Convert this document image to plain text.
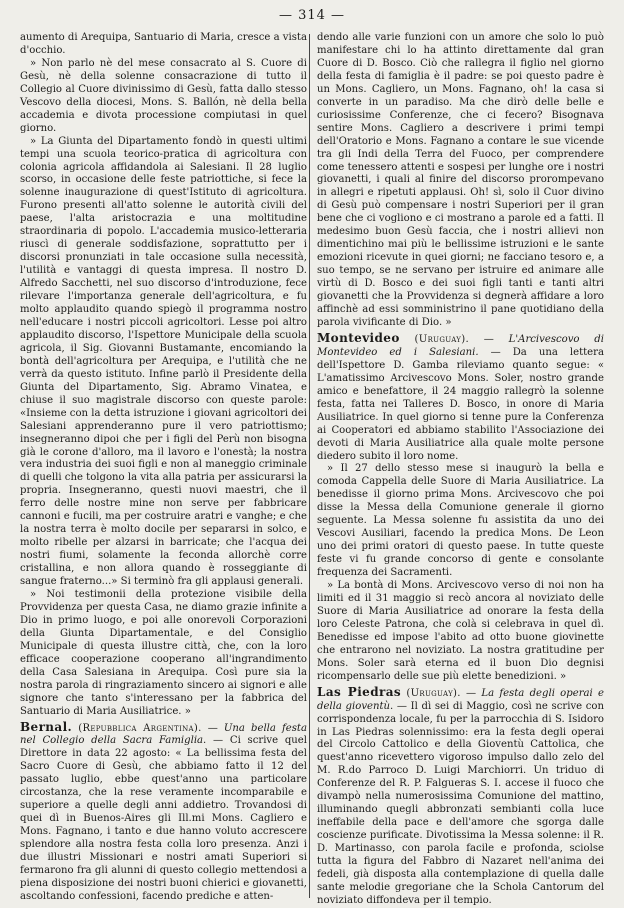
— 314 —

aumento di Arequipa, Santuario di Maria, cresce a vista d'occhio.

» Non parlo nè del mese consacrato al S. Cuore di Gesù, nè della solenne consacrazione di tutto il Collegio al Cuore divinissimo di Gesù, fatta dallo stesso Vescovo della diocesi, Mons. S. Ballón, nè della bella accademia e divota processione compiutasi in quel giorno.

» La Giunta del Dipartamento fondò in questi ultimi tempi una scuola teorico-pratica di agricoltura con colonia agricola affidandola ai Salesiani. Il 28 luglio scorso, in occasione delle feste patriottiche, si fece la solenne inaugurazione di quest'Istituto di agricoltura. Furono presenti all'atto solenne le autorità civili del paese, l'alta aristocrazia e una moltitudine straordinaria di popolo. L'accademia musico-letteraria riuscì di generale soddisfazione, soprattutto per i discorsi pronunziati in tale occasione sulla necessità, l'utilità e vantaggi di questa impresa. Il nostro D. Alfredo Sacchetti, nel suo discorso d'introduzione, fece rilevare l'importanza generale dell'agricoltura, e fu molto applaudito quando spiegò il programma nostro nell'educare i nostri piccoli agricoltori. Lesse poi altro applaudito discorso, l'Ispettore Municipale della scuola agricola, il Sig. Giovanni Bustamante, encomiando la bontà dell'agricoltura per Arequipa, e l'utilità che ne verrà da questo istituto. Infine parlò il Presidente della Giunta del Dipartamento, Sig. Abramo Vinatea, e chiuse il suo magistrale discorso con queste parole: «Insieme con la detta istruzione i giovani agricoltori dei Salesiani apprenderanno pure il vero patriottismo; insegneranno dipoi che per i figli del Perù non bisogna già le corone d'alloro, ma il lavoro e l'onestà; la nostra vera industria dei suoi figli e non al maneggio criminale di quelli che tolgono la vita alla patria per assicurarsi la propria. Insegneranno, questi nuovi maestri, che il ferro delle nostre mine non serve per fabbricare cannoni e fucili, ma per costruire aratri e vanghe; e che la nostra terra è molto docile per separarsi in solco, e molto ribelle per alzarsi in barricate; che l'acqua dei nostri fiumi, solamente la feconda allorchè corre cristallina, e non allora quando è rosseggiante di sangue fraterno...» Si terminò fra gli applausi generali.

» Noi testimonii della protezione visibile della Provvidenza per questa Casa, ne diamo grazie infinite a Dio in primo luogo, e poi alle onorevoli Corporazioni della Giunta Dipartamentale, e del Consiglio Municipale di questa illustre città, che, con la loro efficace cooperazione cooperano all'ingrandimento della Casa Salesiana in Arequipa. Così pure sia la nostra parola di ringraziamento sincero ai signori e alle signore che tanto s'interessano per la fabbrica del Santuario di Maria Ausiliatrice. »

Bernal. (Repubblica Argentina). — Una bella festa nel Collegio della Sacra Famiglia. — Ci scrive quel Direttore in data 22 agosto: « La bellissima festa del Sacro Cuore di Gesù, che abbiamo fatto il 12 del passato luglio, ebbe quest'anno una particolare circostanza, che la rese veramente incomparabile e superiore a quelle degli anni addietro. Trovandosi di quei dì in Buenos-Aires gli Ill.mi Mons. Cagliero e Mons. Fagnano, i tanto e due hanno voluto accrescere splendore alla nostra festa colla loro presenza. Anzi i due illustri Missionari e nostri amati Superiori si fermarono fra gli alunni di questo collegio mettendosi a piena disposizione dei nostri buoni chierici e giovanetti, ascoltando confessioni, facendo prediche e atten-

dendo alle varie funzioni con un amore che solo lo può manifestare chi lo ha attinto direttamente dal gran Cuore di D. Bosco. Ciò che rallegra il figlio nel giorno della festa di famiglia è il padre: se poi questo padre è un Mons. Cagliero, un Mons. Fagnano, oh! la casa si converte in un paradiso. Ma che dirò delle belle e curiosissime Conferenze, che ci fecero? Bisognava sentire Mons. Cagliero a descrivere i primi tempi dell'Oratorio e Mons. Fagnano a contare le sue vicende tra gli Indi della Terra del Fuoco, per comprendere come tenessero attenti e sospesi per lunghe ore i nostri giovanetti, i quali al finire del discorso prorompevano in allegri e ripetuti applausi. Oh! sì, solo il Cuor divino di Gesù può compensare i nostri Superiori per il gran bene che ci vogliono e ci mostrano a parole ed a fatti. Il medesimo buon Gesù faccia, che i nostri allievi non dimentichino mai più le bellissime istruzioni e le sante emozioni ricevute in quei giorni; ne facciano tesoro e, a suo tempo, se ne servano per istruire ed animare alle virtù di D. Bosco e dei suoi figli tanti e tanti altri giovanetti che la Provvidenza si degnerà affidare a loro affinchè ad essi somministrino il pane quotidiano della parola vivificante di Dio. »

Montevideo (Uruguay). — L'Arcivescovo di Montevideo ed i Salesiani. — Da una lettera dell'Ispettore D. Gamba rileviamo quanto segue: « L'amatissimo Arcivescovo Mons. Soler, nostro grande amico e benefattore, il 24 maggio rallegrò la solenne festa, fatta nei Talleres D. Bosco, in onore di Maria Ausiliatrice. In quel giorno si tenne pure la Conferenza ai Cooperatori ed abbiamo stabilito l'Associazione dei devoti di Maria Ausiliatrice alla quale molte persone diedero subito il loro nome.

» Il 27 dello stesso mese si inaugurò la bella e comoda Cappella delle Suore di Maria Ausiliatrice. La benedisse il giorno prima Mons. Arcivescovo che poi disse la Messa della Comunione generale il giorno seguente. La Messa solenne fu assistita da uno dei Vescovi Ausiliari, facendo la predica Mons. De Leon uno dei primi oratori di questo paese. In tutte queste feste vi fu grande concorso di gente e consolante frequenza dei Sacramenti.

» La bontà di Mons. Arcivescovo verso di noi non ha limiti ed il 31 maggio si recò ancora al noviziato delle Suore di Maria Ausiliatrice ad onorare la festa della loro Celeste Patrona, che colà si celebrava in quel dì. Benedisse ed impose l'abito ad otto buone giovinette che entrarono nel noviziato. La nostra gratitudine per Mons. Soler sarà eterna ed il buon Dio degnisi ricompensarlo delle sue più elette benedizioni. »

Las Piedras (Uruguay). — La festa degli operai e della gioventù. — Il dì sei di Maggio, così ne scrive con corrispondenza locale, fu per la parrocchia di S. Isidoro in Las Piedras solennissimo: era la festa degli operai del Circolo Cattolico e della Gioventù Cattolica, che quest'anno ricevettero vigoroso impulso dallo zelo del M. R.do Parroco D. Luigi Marchiorri. Un triduo di Conferenze del R. P. Falgueras S. I. accese il fuoco che divampò nella numerosissima Comunione del mattino, illuminando quegli abbronzati sembianti colla luce ineffabile della pace e dell'amore che sgorga dalle coscienze purificate. Divotissima la Messa solenne: il R. D. Martinasso, con parola facile e profonda, sciolse tutta la figura del Fabbro di Nazaret nell'anima dei fedeli, già disposta alla contemplazione di quella dalle sante melodie gregoriane che la Schola Cantorum del noviziato diffondeva per il tempio.
